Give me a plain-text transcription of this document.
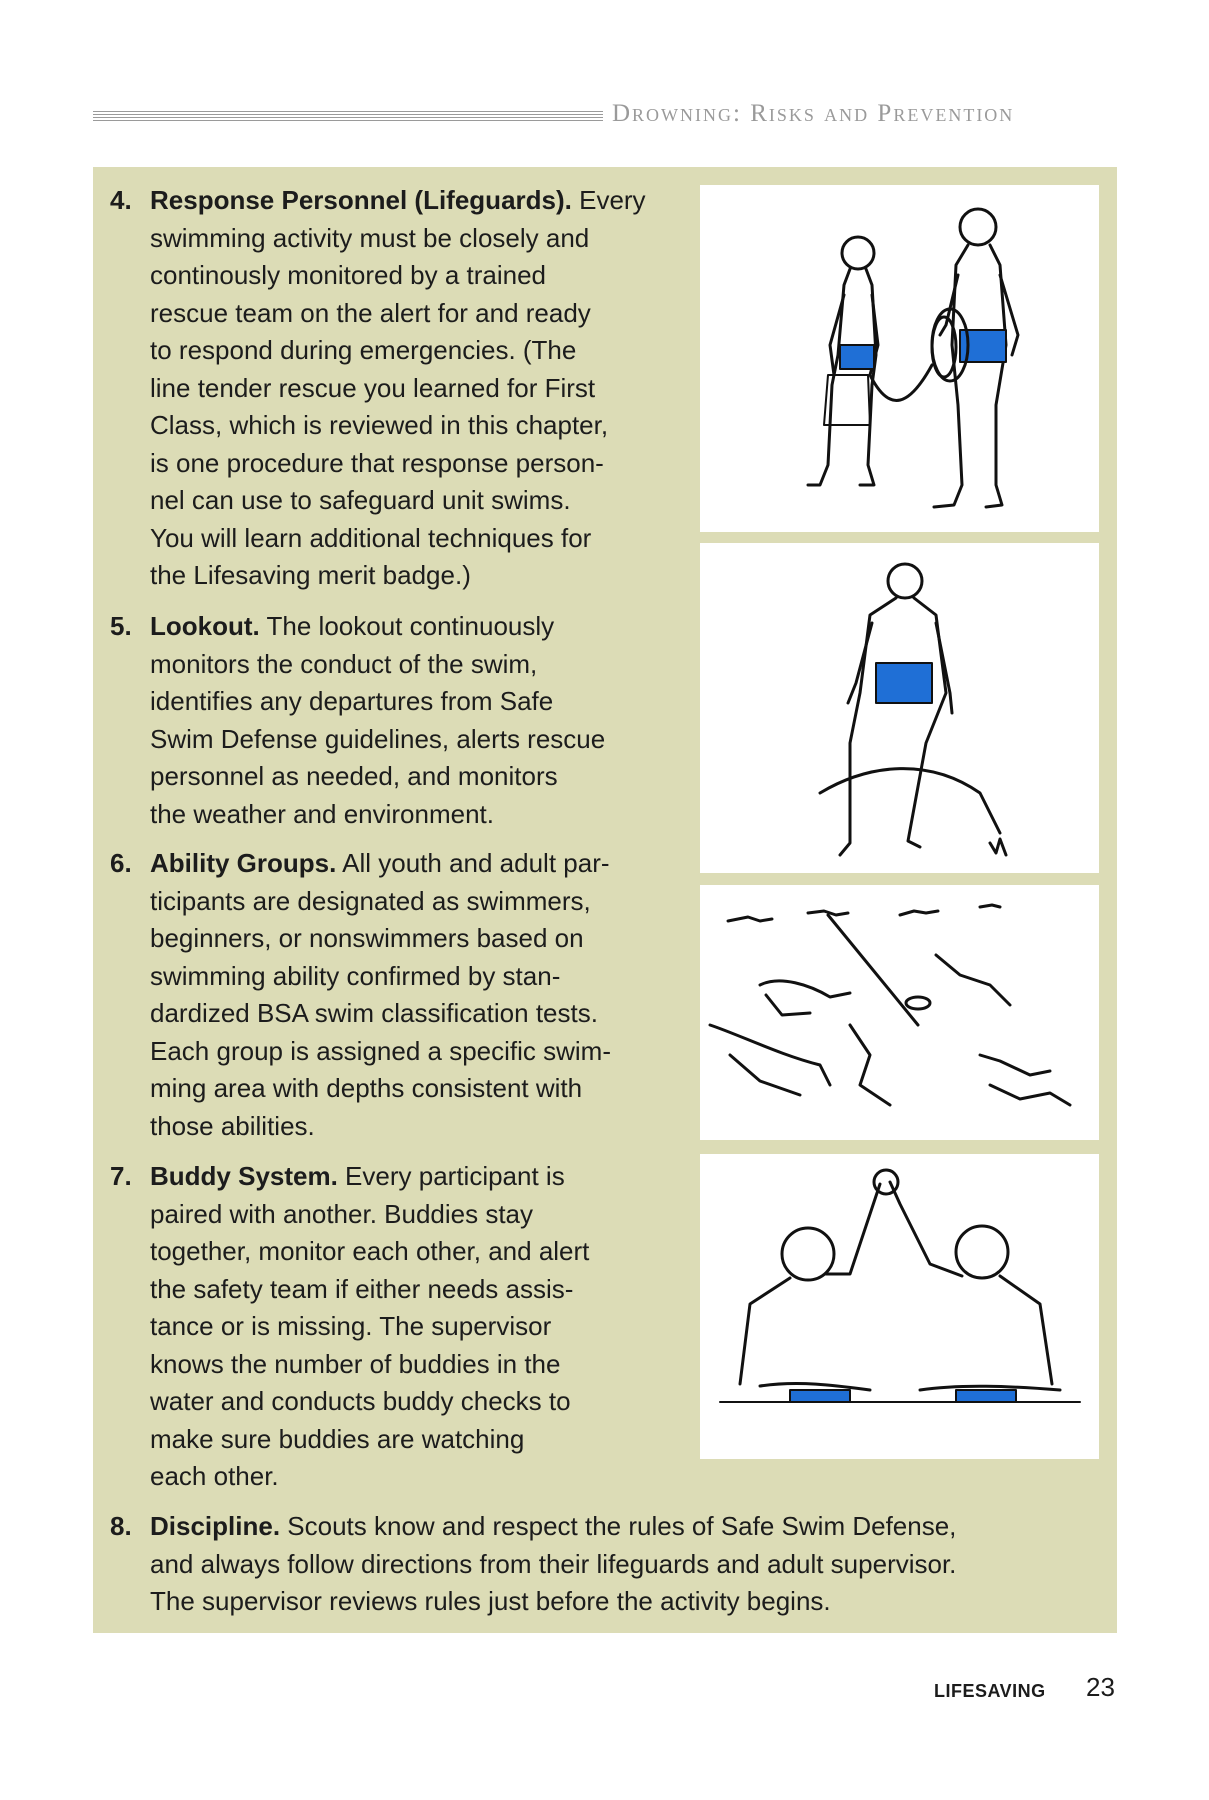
Drowning: Risks and Prevention
4. Response Personnel (Lifeguards). Every
swimming activity must be closely and
continously monitored by a trained
rescue team on the alert for and ready
to respond during emergencies. (The
line tender rescue you learned for First
Class, which is reviewed in this chapter,
is one procedure that response person-
nel can use to safeguard unit swims.
You will learn additional techniques for
the Lifesaving merit badge.)
5. Lookout. The lookout continuously
monitors the conduct of the swim,
identifies any departures from Safe
Swim Defense guidelines, alerts rescue
personnel as needed, and monitors
the weather and environment.
6. Ability Groups. All youth and adult par-
ticipants are designated as swimmers,
beginners, or nonswimmers based on
swimming ability confirmed by stan-
dardized BSA swim classification tests.
Each group is assigned a specific swim-
ming area with depths consistent with
those abilities.
7. Buddy System. Every participant is
paired with another. Buddies stay
together, monitor each other, and alert
the safety team if either needs assis-
tance or is missing. The supervisor
knows the number of buddies in the
water and conducts buddy checks to
make sure buddies are watching
each other.
8. Discipline. Scouts know and respect the rules of Safe Swim Defense,
and always follow directions from their lifeguards and adult supervisor.
The supervisor reviews rules just before the activity begins.
LIFESAVING 23
